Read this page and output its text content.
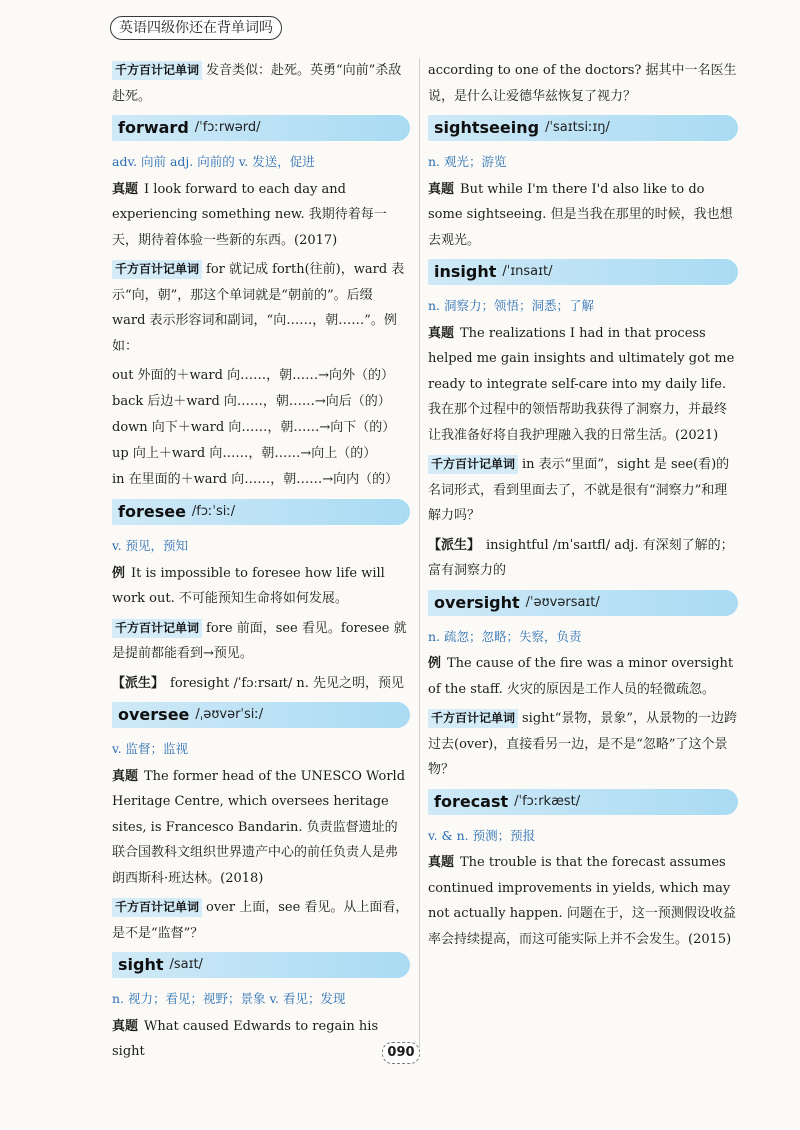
英语四级你还在背单词吗

千方百计记单词 发音类似：赴死。英勇“向前”杀敌赴死。

forward /ˈfɔːrwərd/
adv. 向前 adj. 向前的 v. 发送，促进

真题 I look forward to each day and experiencing something new. 我期待着每一天，期待着体验一些新的东西。(2017)

千方百计记单词 for 就记成 forth(往前)，ward 表示“向，朝”，那这个单词就是“朝前的”。后缀 ward 表示形容词和副词，“向……，朝……”。例如：

out 外面的＋ward 向……，朝……→向外（的）

back 后边＋ward 向……，朝……→向后（的）

down 向下＋ward 向……，朝……→向下（的）

up 向上＋ward 向……，朝……→向上（的）

in 在里面的＋ward 向……，朝……→向内（的）

foresee /fɔːˈsiː/
v. 预见，预知

例 It is impossible to foresee how life will work out. 不可能预知生命将如何发展。

千方百计记单词 fore 前面，see 看见。foresee 就是提前都能看到→预见。

【派生】 foresight /ˈfɔːrsaɪt/ n. 先见之明，预见

oversee /ˌəʊvərˈsiː/
v. 监督；监视

真题 The former head of the UNESCO World Heritage Centre, which oversees heritage sites, is Francesco Bandarin. 负责监督遗址的联合国教科文组织世界遗产中心的前任负责人是弗朗西斯科·班达林。(2018)

千方百计记单词 over 上面，see 看见。从上面看，是不是“监督”？

sight /saɪt/
n. 视力；看见；视野；景象 v. 看见；发现

真题 What caused Edwards to regain his sight

according to one of the doctors? 据其中一名医生说，是什么让爱德华兹恢复了视力？

sightseeing /ˈsaɪtsiːɪŋ/
n. 观光；游览

真题 But while I'm there I'd also like to do some sightseeing. 但是当我在那里的时候，我也想去观光。

insight /ˈɪnsaɪt/
n. 洞察力；领悟；洞悉；了解

真题 The realizations I had in that process helped me gain insights and ultimately got me ready to integrate self-care into my daily life. 我在那个过程中的领悟帮助我获得了洞察力，并最终让我准备好将自我护理融入我的日常生活。(2021)

千方百计记单词 in 表示“里面”，sight 是 see(看)的名词形式，看到里面去了，不就是很有“洞察力”和理解力吗？

【派生】 insightful /ɪnˈsaɪtfl/ adj. 有深刻了解的；富有洞察力的

oversight /ˈəʊvərsaɪt/
n. 疏忽；忽略；失察，负责

例 The cause of the fire was a minor oversight of the staff. 火灾的原因是工作人员的轻微疏忽。

千方百计记单词 sight“景物，景象”，从景物的一边跨过去(over)，直接看另一边，是不是“忽略”了这个景物？

forecast /ˈfɔːrkæst/
v. & n. 预测；预报

真题 The trouble is that the forecast assumes continued improvements in yields, which may not actually happen. 问题在于，这一预测假设收益率会持续提高，而这可能实际上并不会发生。(2015)

090
